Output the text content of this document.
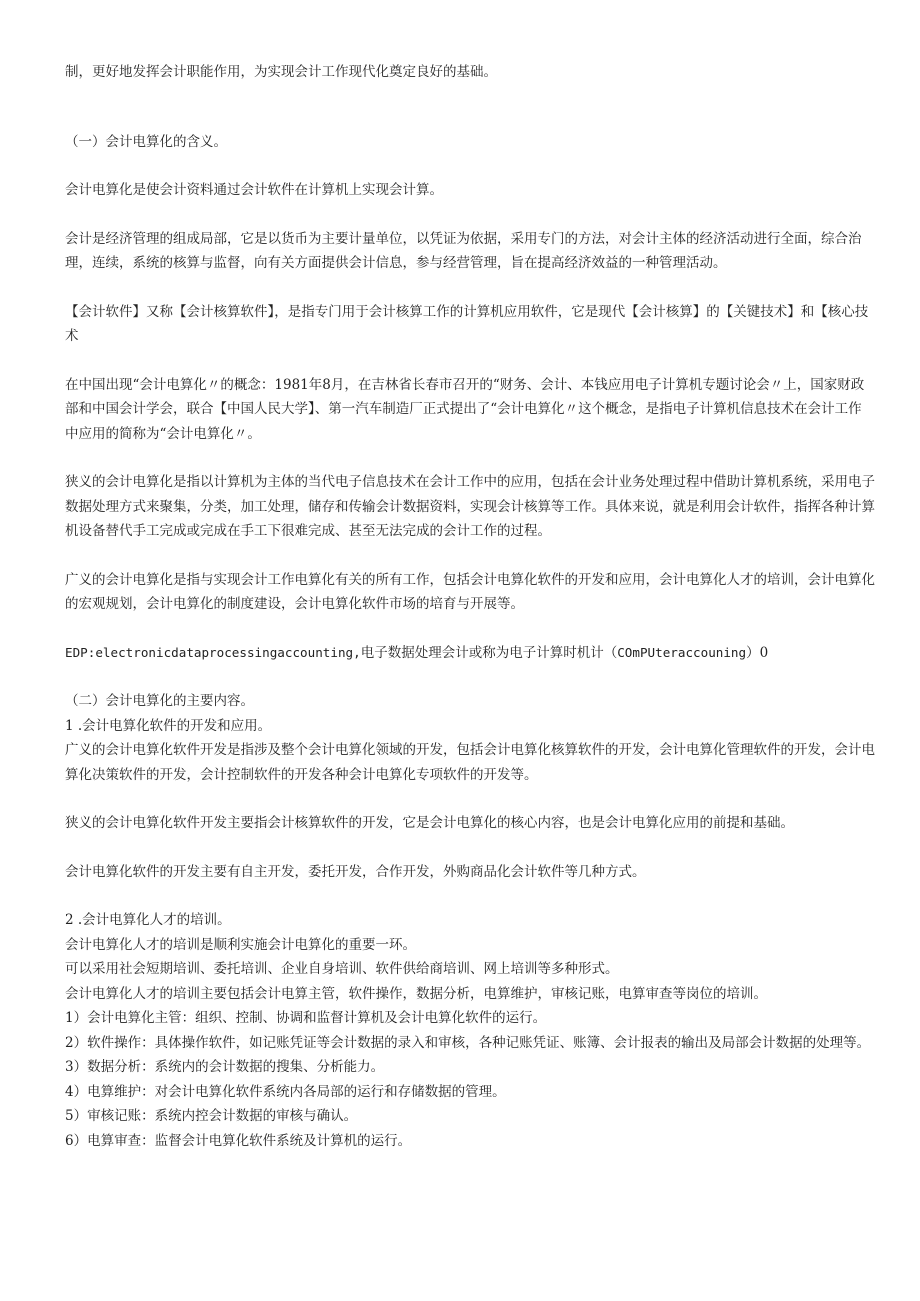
制，更好地发挥会计职能作用，为实现会计工作现代化奠定良好的基础。

（一）会计电算化的含义。

会计电算化是使会计资料通过会计软件在计算机上实现会计算。

会计是经济管理的组成局部，它是以货币为主要计量单位，以凭证为依据，采用专门的方法，对会计主体的经济活动进行全面，综合治理，连续，系统的核算与监督，向有关方面提供会计信息，参与经营管理，旨在提高经济效益的一种管理活动。

【会计软件】又称【会计核算软件】，是指专门用于会计核算工作的计算机应用软件，它是现代【会计核算】的【关键技术】和【核心技术

在中国出现“会计电算化〃的概念：1981年8月，在吉林省长春市召开的“财务、会计、本钱应用电子计算机专题讨论会〃上，国家财政部和中国会计学会，联合【中国人民大学】、第一汽车制造厂正式提出了“会计电算化〃这个概念，是指电子计算机信息技术在会计工作中应用的简称为“会计电算化〃。

狭义的会计电算化是指以计算机为主体的当代电子信息技术在会计工作中的应用，包括在会计业务处理过程中借助计算机系统，采用电子数据处理方式来聚集，分类，加工处理，储存和传输会计数据资料，实现会计核算等工作。具体来说，就是利用会计软件，指挥各种计算机设备替代手工完成或完成在手工下很难完成、甚至无法完成的会计工作的过程。

广义的会计电算化是指与实现会计工作电算化有关的所有工作，包括会计电算化软件的开发和应用，会计电算化人才的培训，会计电算化的宏观规划，会计电算化的制度建设，会计电算化软件市场的培育与开展等。

EDP:electronicdataprocessingaccounting,电子数据处理会计或称为电子计算时机计（COmPUteraccouning）0

（二）会计电算化的主要内容。

1 .会计电算化软件的开发和应用。

广义的会计电算化软件开发是指涉及整个会计电算化领域的开发，包括会计电算化核算软件的开发，会计电算化管理软件的开发，会计电算化决策软件的开发，会计控制软件的开发各种会计电算化专项软件的开发等。

狭义的会计电算化软件开发主要指会计核算软件的开发，它是会计电算化的核心内容，也是会计电算化应用的前提和基础。

会计电算化软件的开发主要有自主开发，委托开发，合作开发，外购商品化会计软件等几种方式。

2 .会计电算化人才的培训。

会计电算化人才的培训是顺利实施会计电算化的重要一环。

可以采用社会短期培训、委托培训、企业自身培训、软件供给商培训、网上培训等多种形式。

会计电算化人才的培训主要包括会计电算主管，软件操作，数据分析，电算维护，审核记账，电算审查等岗位的培训。

1）会计电算化主管：组织、控制、协调和监督计算机及会计电算化软件的运行。

2）软件操作：具体操作软件，如记账凭证等会计数据的录入和审核，各种记账凭证、账簿、会计报表的输出及局部会计数据的处理等。

3）数据分析：系统内的会计数据的搜集、分析能力。

4）电算维护：对会计电算化软件系统内各局部的运行和存储数据的管理。

5）审核记账：系统内控会计数据的审核与确认。

6）电算审查：监督会计电算化软件系统及计算机的运行。
